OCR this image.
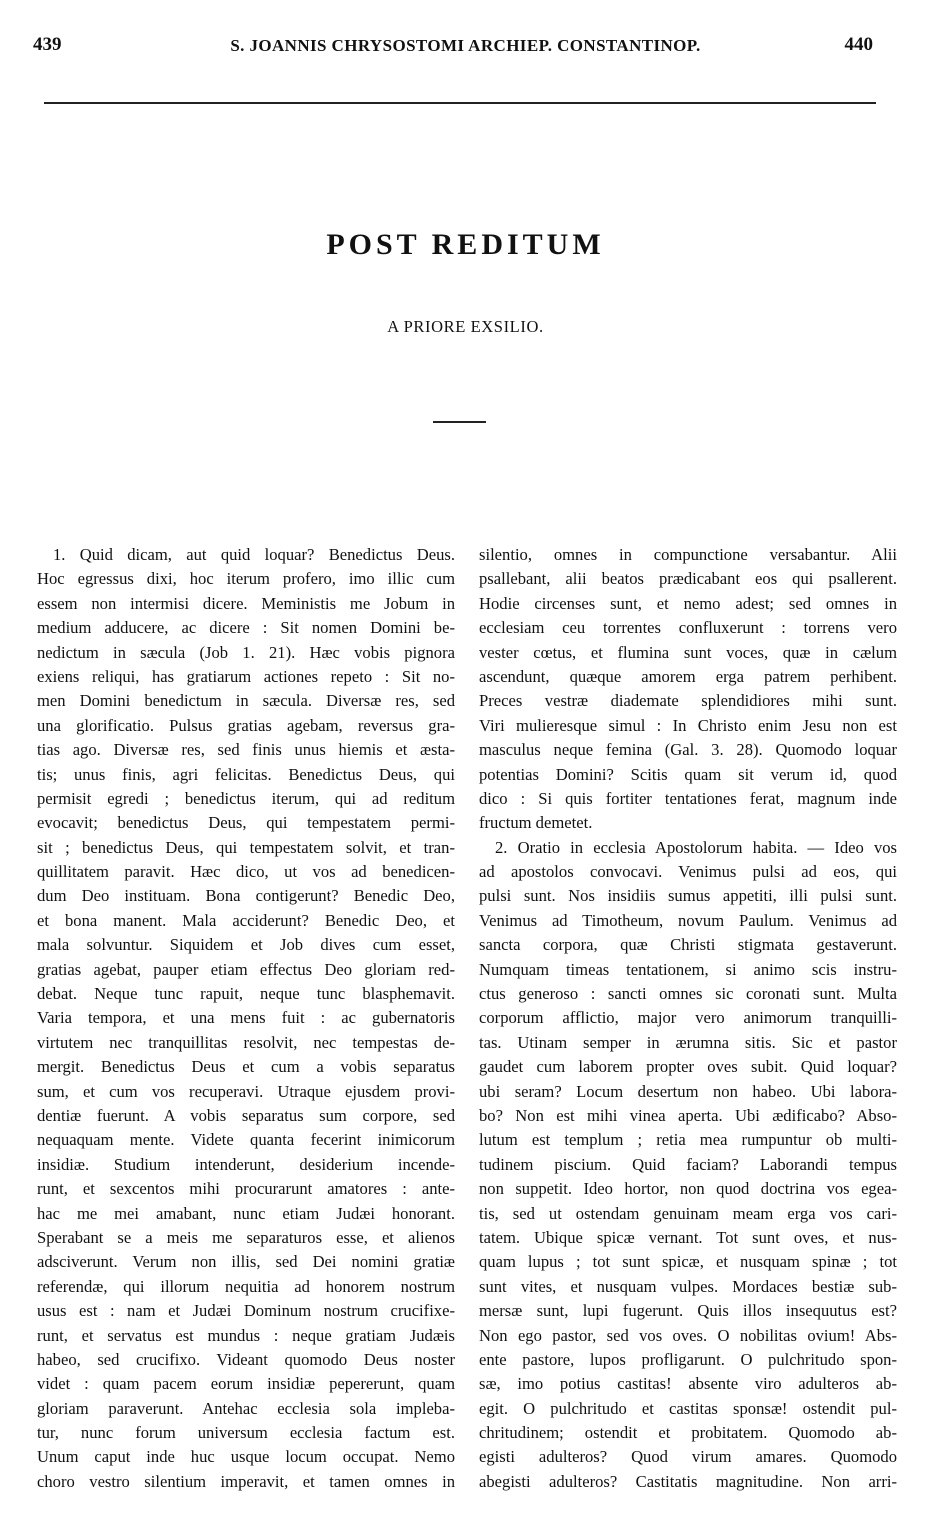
439	S. JOANNIS CHRYSOSTOMI ARCHIEP. CONSTANTINOP.	440
POST REDITUM
A PRIORE EXSILIO.
1. Quid dicam, aut quid loquar? Benedictus Deus.
Hoc egressus dixi, hoc iterum profero, imo illic cum
essem non intermisi dicere. Meministis me Jobum in
medium adducere, ac dicere : Sit nomen Domini be-
nedictum in sæcula (Job 1. 21). Hæc vobis pignora
exiens reliqui, has gratiarum actiones repeto : Sit no-
men Domini benedictum in sæcula. Diversæ res, sed
una glorificatio. Pulsus gratias agebam, reversus gra-
tias ago. Diversæ res, sed finis unus hiemis et æsta-
tis; unus finis, agri felicitas. Benedictus Deus, qui
permisit egredi ; benedictus iterum, qui ad reditum
evocavit; benedictus Deus, qui tempestatem permi-
sit ; benedictus Deus, qui tempestatem solvit, et tran-
quillitatem paravit. Hæc dico, ut vos ad benedicen-
dum Deo instituam. Bona contigerunt? Benedic Deo,
et bona manent. Mala acciderunt? Benedic Deo, et
mala solvuntur. Siquidem et Job dives cum esset,
gratias agebat, pauper etiam effectus Deo gloriam red-
debat. Neque tunc rapuit, neque tunc blasphemavit.
Varia tempora, et una mens fuit : ac gubernatoris
virtutem nec tranquillitas resolvit, nec tempestas de-
mergit. Benedictus Deus et cum a vobis separatus
sum, et cum vos recuperavi. Utraque ejusdem provi-
dentiæ fuerunt. A vobis separatus sum corpore, sed
nequaquam mente. Videte quanta fecerint inimicorum
insidiæ. Studium intenderunt, desiderium incende-
runt, et sexcentos mihi procurarunt amatores : ante-
hac me mei amabant, nunc etiam Judæi honorant.
Sperabant se a meis me separaturos esse, et alienos
adsciverunt. Verum non illis, sed Dei nomini gratiæ
referendæ, qui illorum nequitia ad honorem nostrum
usus est : nam et Judæi Dominum nostrum crucifixe-
runt, et servatus est mundus : neque gratiam Judæis
habeo, sed crucifixo. Videant quomodo Deus noster
videt : quam pacem eorum insidiæ pepererunt, quam
gloriam paraverunt. Antehac ecclesia sola impleba-
tur, nunc forum universum ecclesia factum est.
Unum caput inde huc usque locum occupat. Nemo
choro vestro silentium imperavit, et tamen omnes in
silentio, omnes in compunctione versabantur. Alii
psallebant, alii beatos prædicabant eos qui psallerent.
Hodie circenses sunt, et nemo adest; sed omnes in
ecclesiam ceu torrentes confluxerunt : torrens vero
vester cœtus, et flumina sunt voces, quæ in cælum
ascendunt, quæque amorem erga patrem perhibent.
Preces vestræ diademate splendidiores mihi sunt.
Viri mulieresque simul : In Christo enim Jesu non est
masculus neque femina (Gal. 3. 28). Quomodo loquar
potentias Domini? Scitis quam sit verum id, quod
dico : Si quis fortiter tentationes ferat, magnum inde
fructum demetet.
2. Oratio in ecclesia Apostolorum habita. — Ideo vos
ad apostolos convocavi. Venimus pulsi ad eos, qui
pulsi sunt. Nos insidiis sumus appetiti, illi pulsi sunt.
Venimus ad Timotheum, novum Paulum. Venimus ad
sancta corpora, quæ Christi stigmata gestaverunt.
Numquam timeas tentationem, si animo scis instru-
ctus generoso : sancti omnes sic coronati sunt. Multa
corporum afflictio, major vero animorum tranquilli-
tas. Utinam semper in ærumna sitis. Sic et pastor
gaudet cum laborem propter oves subit. Quid loquar?
ubi seram? Locum desertum non habeo. Ubi labora-
bo? Non est mihi vinea aperta. Ubi ædificabo? Abso-
lutum est templum ; retia mea rumpuntur ob multi-
tudinem piscium. Quid faciam? Laborandi tempus
non suppetit. Ideo hortor, non quod doctrina vos egea-
tis, sed ut ostendam genuinam meam erga vos cari-
tatem. Ubique spicæ vernant. Tot sunt oves, et nus-
quam lupus ; tot sunt spicæ, et nusquam spinæ ; tot
sunt vites, et nusquam vulpes. Mordaces bestiæ sub-
mersæ sunt, lupi fugerunt. Quis illos insequutus est?
Non ego pastor, sed vos oves. O nobilitas ovium! Abs-
ente pastore, lupos profligarunt. O pulchritudo spon-
sæ, imo potius castitas! absente viro adulteros ab-
egit. O pulchritudo et castitas sponsæ! ostendit pul-
chritudinem; ostendit et probitatem. Quomodo ab-
egisti adulteros? Quod virum amares. Quomodo
abegisti adulteros? Castitatis magnitudine. Non arri-
